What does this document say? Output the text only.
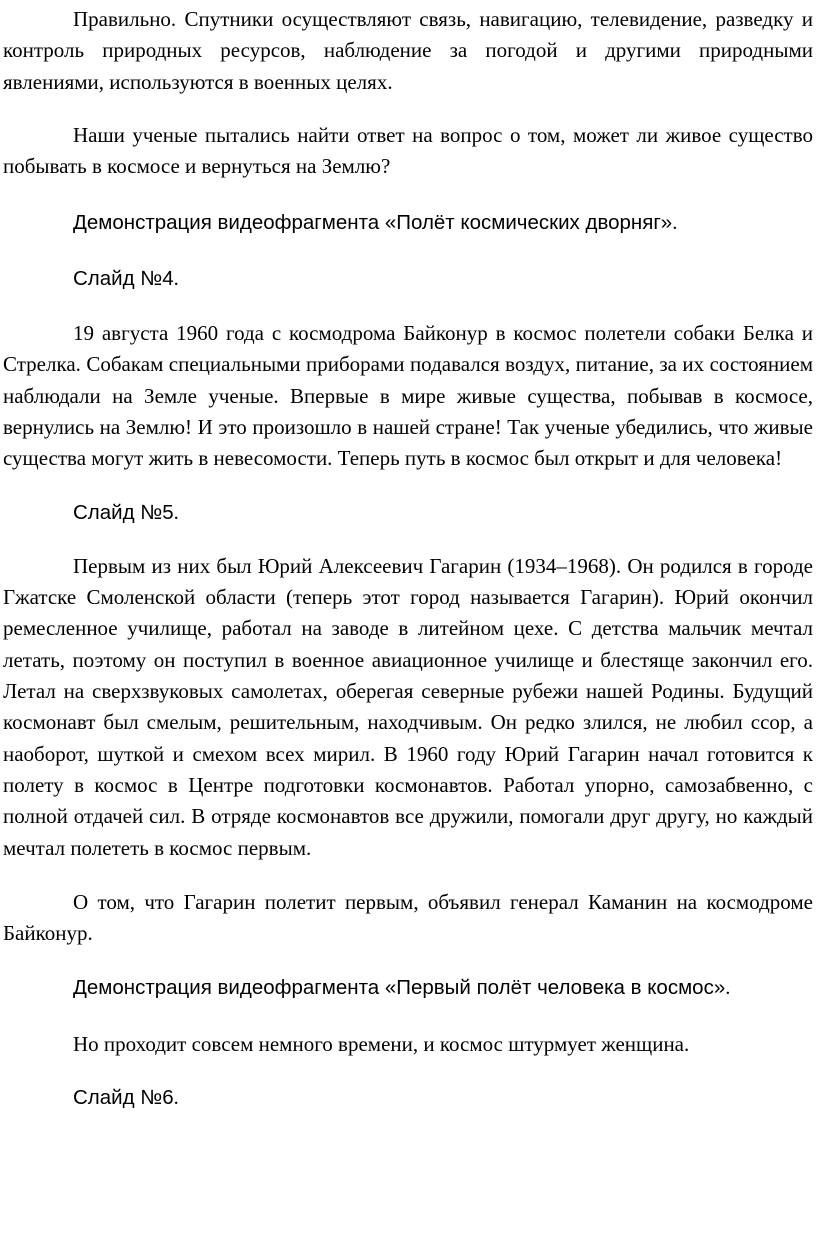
Правильно. Спутники осуществляют связь, навигацию, телевидение, разведку и контроль природных ресурсов, наблюдение за погодой и другими природными явлениями, используются в военных целях.

Наши ученые пытались найти ответ на вопрос о том, может ли живое существо побывать в космосе и вернуться на Землю?

Демонстрация видеофрагмента «Полёт космических дворняг».

Слайд №4.

19 августа 1960 года с космодрома Байконур в космос полетели собаки Белка и Стрелка. Собакам специальными приборами подавался воздух, питание, за их состоянием наблюдали на Земле ученые. Впервые в мире живые существа, побывав в космосе, вернулись на Землю! И это произошло в нашей стране! Так ученые убедились, что живые существа могут жить в невесомости. Теперь путь в космос был открыт и для человека!

Слайд №5.

Первым из них был Юрий Алексеевич Гагарин (1934–1968). Он родился в городе Гжатске Смоленской области (теперь этот город называется Гагарин). Юрий окончил ремесленное училище, работал на заводе в литейном цехе. С детства мальчик мечтал летать, поэтому он поступил в военное авиационное училище и блестяще закончил его. Летал на сверхзвуковых самолетах, оберегая северные рубежи нашей Родины. Будущий космонавт был смелым, решительным, находчивым. Он редко злился, не любил ссор, а наоборот, шуткой и смехом всех мирил. В 1960 году Юрий Гагарин начал готовится к полету в космос в Центре подготовки космонавтов. Работал упорно, самозабвенно, с полной отдачей сил. В отряде космонавтов все дружили, помогали друг другу, но каждый мечтал полететь в космос первым.

О том, что Гагарин полетит первым, объявил генерал Каманин на космодроме Байконур.

Демонстрация видеофрагмента «Первый полёт человека в космос».

Но проходит совсем немного времени, и космос штурмует женщина.

Слайд №6.
